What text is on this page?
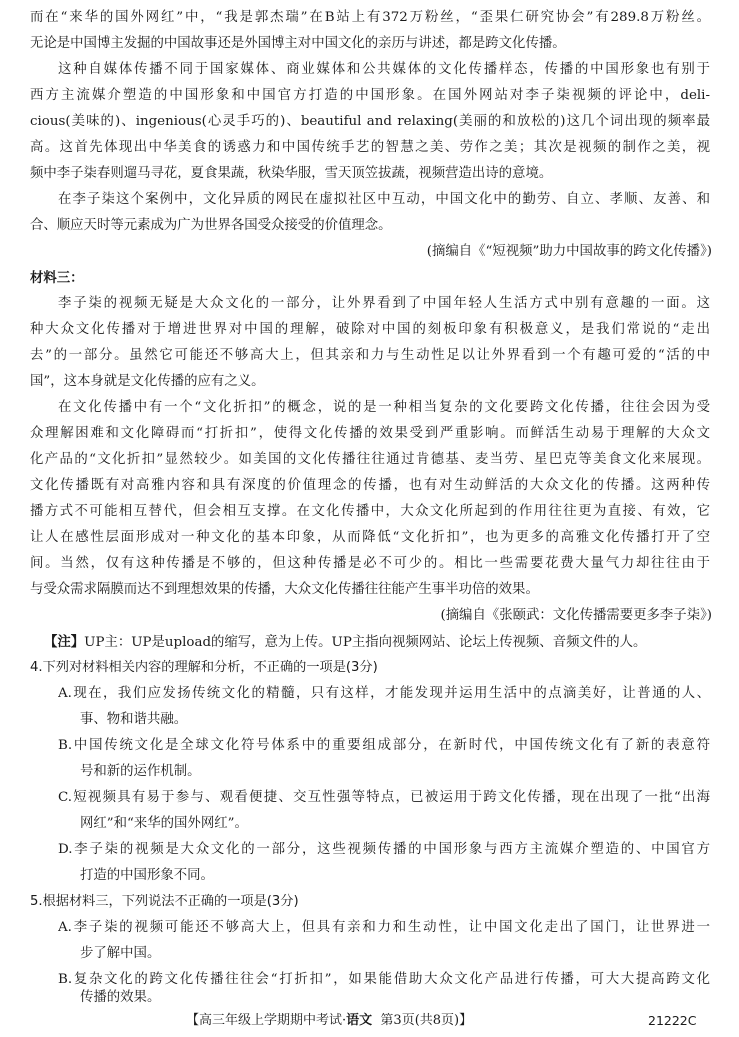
而在“来华的国外网红”中，“我是郭杰瑞”在B站上有372万粉丝，“歪果仁研究协会”有289.8万粉丝。
无论是中国博主发掘的中国故事还是外国博主对中国文化的亲历与讲述，都是跨文化传播。
这种自媒体传播不同于国家媒体、商业媒体和公共媒体的文化传播样态，传播的中国形象也有别于
西方主流媒介塑造的中国形象和中国官方打造的中国形象。在国外网站对李子柒视频的评论中，deli-
cious(美味的)、ingenious(心灵手巧的)、beautiful and relaxing(美丽的和放松的)这几个词出现的频率最
高。这首先体现出中华美食的诱惑力和中国传统手艺的智慧之美、劳作之美；其次是视频的制作之美，视
频中李子柒春则遛马寻花，夏食果蔬，秋染华服，雪天顶笠拔蔬，视频营造出诗的意境。
在李子柒这个案例中，文化异质的网民在虚拟社区中互动，中国文化中的勤劳、自立、孝顺、友善、和
合、顺应天时等元素成为广为世界各国受众接受的价值理念。
(摘编自《“短视频”助力中国故事的跨文化传播》)
材料三：
李子柒的视频无疑是大众文化的一部分，让外界看到了中国年轻人生活方式中别有意趣的一面。这
种大众文化传播对于增进世界对中国的理解，破除对中国的刻板印象有积极意义，是我们常说的“走出
去”的一部分。虽然它可能还不够高大上，但其亲和力与生动性足以让外界看到一个有趣可爱的“活的中
国”，这本身就是文化传播的应有之义。
在文化传播中有一个“文化折扣”的概念，说的是一种相当复杂的文化要跨文化传播，往往会因为受
众理解困难和文化障碍而“打折扣”，使得文化传播的效果受到严重影响。而鲜活生动易于理解的大众文
化产品的“文化折扣”显然较少。如美国的文化传播往往通过肯德基、麦当劳、星巴克等美食文化来展现。
文化传播既有对高雅内容和具有深度的价值理念的传播，也有对生动鲜活的大众文化的传播。这两种传
播方式不可能相互替代，但会相互支撑。在文化传播中，大众文化所起到的作用往往更为直接、有效，它
让人在感性层面形成对一种文化的基本印象，从而降低“文化折扣”，也为更多的高雅文化传播打开了空
间。当然，仅有这种传播是不够的，但这种传播是必不可少的。相比一些需要花费大量气力却往往由于
与受众需求隔膜而达不到理想效果的传播，大众文化传播往往能产生事半功倍的效果。
(摘编自《张颐武：文化传播需要更多李子柒》)
【注】UP主：UP是upload的缩写，意为上传。UP主指向视频网站、论坛上传视频、音频文件的人。
4.下列对材料相关内容的理解和分析，不正确的一项是(3分)
A.现在，我们应发扬传统文化的精髓，只有这样，才能发现并运用生活中的点滴美好，让普通的人、
事、物和谐共融。
B.中国传统文化是全球文化符号体系中的重要组成部分，在新时代，中国传统文化有了新的表意符
号和新的运作机制。
C.短视频具有易于参与、观看便捷、交互性强等特点，已被运用于跨文化传播，现在出现了一批“出海
网红”和“来华的国外网红”。
D.李子柒的视频是大众文化的一部分，这些视频传播的中国形象与西方主流媒介塑造的、中国官方
打造的中国形象不同。
5.根据材料三，下列说法不正确的一项是(3分)
A.李子柒的视频可能还不够高大上，但具有亲和力和生动性，让中国文化走出了国门，让世界进一
步了解中国。
B.复杂文化的跨文化传播往往会“打折扣”，如果能借助大众文化产品进行传播，可大大提高跨文化
传播的效果。
【高三年级上学期期中考试·语文 第3页(共8页)】	21222C
